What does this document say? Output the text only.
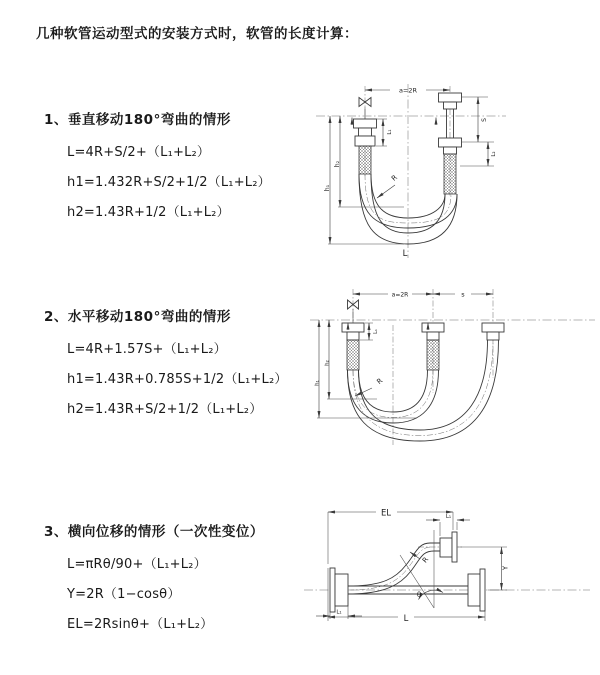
几种软管运动型式的安装方式时，软管的长度计算：
1、垂直移动180°弯曲的情形

L=4R+S/2+（L₁+L₂）

h1=1.432R+S/2+1/2（L₁+L₂）

h2=1.43R+1/2（L₁+L₂）

a=2R
R
h₁
h₂
L₁
S
L₂
L
2、水平移动180°弯曲的情形

L=4R+1.57S+（L₁+L₂）

h1=1.43R+0.785S+1/2（L₁+L₂）

h2=1.43R+S/2+1/2（L₁+L₂）

a=2R	s
R
h₁
h₂
L₁
3、横向位移的情形（一次性变位）

L=πRθ/90+（L₁+L₂）

Y=2R（1−cosθ）

EL=2Rsinθ+（L₁+L₂）

EL	L₁
R
θ
Y
L₁
L
